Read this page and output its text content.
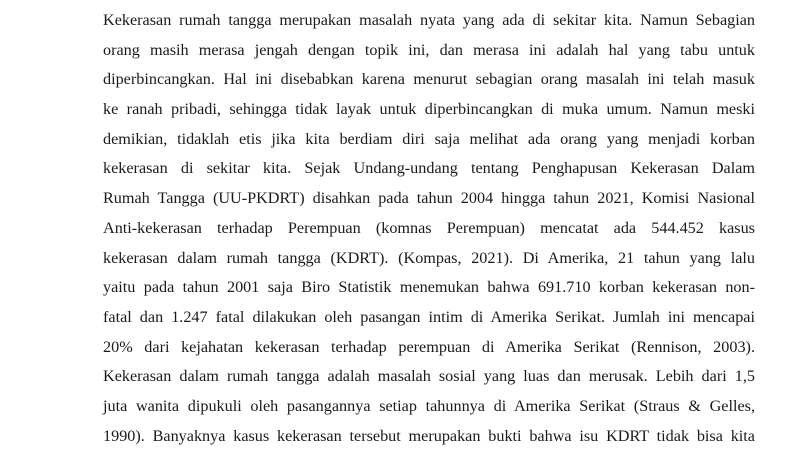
Kekerasan rumah tangga merupakan masalah nyata yang ada di sekitar kita. Namun Sebagian
orang masih merasa jengah dengan topik ini, dan merasa ini adalah hal yang tabu untuk
diperbincangkan. Hal ini disebabkan karena menurut sebagian orang masalah ini telah masuk
ke ranah pribadi, sehingga tidak layak untuk diperbincangkan di muka umum. Namun meski
demikian, tidaklah etis jika kita berdiam diri saja melihat ada orang yang menjadi korban
kekerasan di sekitar kita. Sejak Undang-undang tentang Penghapusan Kekerasan Dalam
Rumah Tangga (UU-PKDRT) disahkan pada tahun 2004 hingga tahun 2021, Komisi Nasional
Anti-kekerasan terhadap Perempuan (komnas Perempuan) mencatat ada 544.452 kasus
kekerasan dalam rumah tangga (KDRT). (Kompas, 2021). Di Amerika, 21 tahun yang lalu
yaitu pada tahun 2001 saja Biro Statistik menemukan bahwa 691.710 korban kekerasan non-
fatal dan 1.247 fatal dilakukan oleh pasangan intim di Amerika Serikat. Jumlah ini mencapai
20% dari kejahatan kekerasan terhadap perempuan di Amerika Serikat (Rennison, 2003).
Kekerasan dalam rumah tangga adalah masalah sosial yang luas dan merusak. Lebih dari 1,5
juta wanita dipukuli oleh pasangannya setiap tahunnya di Amerika Serikat (Straus & Gelles,
1990). Banyaknya kasus kekerasan tersebut merupakan bukti bahwa isu KDRT tidak bisa kita
